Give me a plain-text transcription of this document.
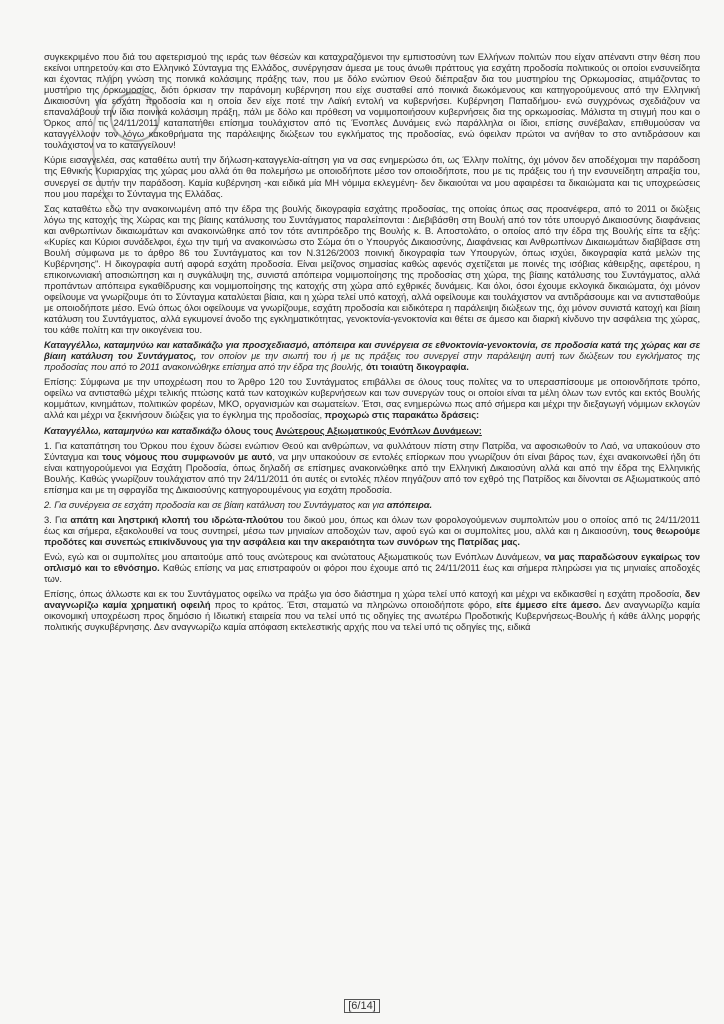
συγκεκριμένο που διά του αφετερισμού της ιεράς των θέσεών και καταχραζόμενοι την εμπιστοσύνη των Ελλήνων πολιτών που είχαν απέναντι στην θέση που εκείνοι υπηρετούν και στο Ελληνικό Σύνταγμα της Ελλάδος, συνέργησαν άμεσα με τους άνωθι πράττους για εσχάτη προδοσία πολιτικούς οι οποίοι ενσυνείδητα και έχοντας πλήρη γνώση της ποινικά κολάσιμης πράξης των, που με δόλο ενώπιον Θεού διέπραξαν δια του μυστηρίου της Ορκωμοσίας, ατιμάζοντας το μυστήριο της ορκωμοσίας, διότι όρκισαν την παράνομη κυβέρνηση που είχε συσταθεί από ποινικά διωκόμενους και κατηγορούμενους από την Ελληνική Δικαιοσύνη για εσχάτη προδοσία και η οποία δεν είχε ποτέ την Λαϊκή εντολή να κυβερνήσει. Κυβέρνηση Παπαδήμου- ενώ συγχρόνως σχεδιάζουν να επαναλάβουν την ίδια ποινικά κολάσιμη πράξη, πάλι με δόλο και πρόθεση να νομιμοποιήσουν κυβερνήσεις δια της ορκωμοσίας. Μάλιστα τη στιγμή που και ο Όρκος από τις 24/11/2011 καταπατήθει επίσημα τουλάχιστον από τις Ένοπλες Δυνάμεις ενώ παράλληλα οι ίδιοι, επίσης συνέβαλαν, επιθυμούσαν να καταγγέλλουν τον λόγω κακοθρήματα της παράλειψης διώξεων του εγκλήματος της προδοσίας, ενώ όφειλαν πρώτοι να ανήθαν το στο αντιδράσουν και τουλάχιστον να το καταγγείλουν!

Κύριε εισαγγελέα, σας καταθέτω αυτή την δήλωση-καταγγελία-αίτηση για να σας ενημερώσω ότι, ως Έλλην πολίτης, όχι μόνον δεν αποδέχομαι την παράδοση της Εθνικής Κυριαρχίας της χώρας μου αλλά ότι θα πολεμήσω με οποιοδήποτε μέσο τον οποιοδήποτε, που με τις πράξεις του ή την ενσυνείδητη απραξία του, συνεργεί σε αυτήν την παράδοση. Καμία κυβέρνηση -και ειδικά μία ΜΗ νόμιμα εκλεγμένη- δεν δικαιούται να μου αφαιρέσει τα δικαιώματα και τις υποχρεώσεις που μου παρέχει το Σύνταγμα της Ελλάδας.

Σας καταθέτω εδώ την ανακοινωμένη από την έδρα της βουλής δικογραφία εσχάτης προδοσίας, της οποίας όπως σας προανέφερα, από το 2011 οι διώξεις λόγω της κατοχής της Χώρας και της βίαιης κατάλυσης του Συντάγματος παραλείπονται : Διεβιβάσθη στη Βουλή από τον τότε υπουργό Δικαιοσύνης διαφάνειας και ανθρωπίνων δικαιωμάτων και ανακοινώθηκε από τον τότε αντιπρόεδρο της Βουλής κ. Β. Αποστολάτο, ο οποίος από την έδρα της Βουλής είπε τα εξής: «Κυρίες και Κύριοι συνάδελφοι, έχω την τιμή να ανακοινώσω στο Σώμα ότι ο Υπουργός Δικαιοσύνης, Διαφάνειας και Ανθρωπίνων Δικαιωμάτων διαβίβασε στη Βουλή σύμφωνα με το άρθρο 86 του Συντάγματος και τον Ν.3126/2003 ποινική δικογραφία των Υπουργών, όπως ισχύει, δικογραφία κατά μελών της Κυβέρνησης". Η δικογραφία αυτή αφορά εσχάτη προδοσία. Είναι μείζονος σημασίας καθώς αφενός σχετίζεται με ποινές της ισόβιας κάθειρξης, αφετέρου, η επικοινωνιακή αποσιώπηση και η συγκάλυψη της, συνιστά απόπειρα νομιμοποίησης της προδοσίας στη χώρα, της βίαιης κατάλυσης του Συντάγματος, αλλά προπάντων απόπειρα εγκαθίδρυσης και νομιμοποίησης της κατοχής στη χώρα από εχθρικές δυνάμεις. Και όλοι, όσοι έχουμε εκλογικά δικαιώματα, όχι μόνον οφείλουμε να γνωρίζουμε ότι το Σύνταγμα καταλύεται βίαια, και η χώρα τελεί υπό κατοχή, αλλά οφείλουμε και τουλάχιστον να αντιδράσουμε και να αντισταθούμε με οποιοδήποτε μέσο. Ενώ όπως όλοι οφείλουμε να γνωρίζουμε, εσχάτη προδοσία και ειδικότερα η παράλειψη διώξεων της, όχι μόνον συνιστά κατοχή και βίαιη κατάλυση του Συντάγματος, αλλά εγκυμονεί άνοδο της εγκληματικότητας, γενοκτονία-γενοκτονία και θέτει σε άμεσο και διαρκή κίνδυνο την ασφάλεια της χώρας, του κάθε πολίτη και την οικογένεια του.

Καταγγέλλω, καταμηνύω και καταδικάζω για προσχεδιασμό, απόπειρα και συνέργεια σε εθνοκτονία-γενοκτονία, σε προδοσία κατά της χώρας και σε βίαιη κατάλυση του Συντάγματος, τον οποίον με την σιωπή του ή με τις πράξεις του συνεργεί στην παράλειψη αυτή των διώξεων του εγκλήματος της προδοσίας που από το 2011 ανακοινώθηκε επίσημα από την έδρα της βουλής, ότι τοιαύτη δικογραφία.

Επίσης: Σύμφωνα με την υποχρέωση που το Άρθρο 120 του Συντάγματος επιβάλλει σε όλους τους πολίτες να το υπερασπίσουμε με οποιονδήποτε τρόπο, οφείλω να αντισταθώ μέχρι τελικής πτώσης κατά των κατοχικών κυβερνήσεων και των συνεργών τους οι οποίοι είναι τα μέλη όλων των εντός και εκτός Βουλής κομμάτων, κινημάτων, πολιτικών φορέων, ΜΚΟ, οργανισμών και σωματείων. Έτσι, σας ενημερώνω πως από σήμερα και μέχρι την διεξαγωγή νόμιμων εκλογών αλλά και μέχρι να ξεκινήσουν διώξεις για το έγκλημα της προδοσίας, προχωρώ στις παρακάτω δράσεις:

Καταγγέλλω, καταμηνύω και καταδικάζω όλους τους Ανώτερους Αξιωματικούς Ενόπλων Δυνάμεων:

1. Για καταπάτηση του Όρκου που έχουν δώσει ενώπιον Θεού και ανθρώπων, να φυλλάτουν πίστη στην Πατρίδα, να αφοσιωθούν το Λαό, να υπακούουν στο Σύνταγμα και τους νόμους που συμφωνούν με αυτό, να μην υπακούουν σε εντολές επίορκων που γνωρίζουν ότι είναι βάρος των, έχει ανακοινωθεί ήδη ότι είναι κατηγορούμενοι για Εσχάτη Προδοσία, όπως δηλαδή σε επίσημες ανακοινώθηκε από την Ελληνική Δικαιοσύνη αλλά και από την έδρα της Ελληνικής Βουλής. Καθώς γνωρίζουν τουλάχιστον από την 24/11/2011 ότι αυτές οι εντολές πλέον πηγάζουν από τον εχθρό της Πατρίδος και δίνονται σε Αξιωματικούς από επίσημα και με τη σφραγίδα της Δικαιοσύνης κατηγορουμένους για εσχάτη προδοσία.

2. Για συνέργεια σε εσχάτη προδοσία και σε βίαιη κατάλυση του Συντάγματος και για απόπειρα.

3. Για απάτη και ληστρική κλοπή του ιδρώτα-πλούτου του δικού μου, όπως και όλων των φορολογούμενων συμπολιτών μου ο οποίος από τις 24/11/2011 έως και σήμερα, εξακολουθεί να τους συντηρεί, μέσω των μηνιαίων αποδοχών των, αφού εγώ και οι συμπολίτες μου, αλλά και η Δικαιοσύνη, τους θεωρούμε προδότες και συνεπώς επικίνδυνους για την ασφάλεια και την ακεραιότητα των συνόρων της Πατρίδας μας.

Ενώ, εγώ και οι συμπολίτες μου απαιτούμε από τους ανώτερους και ανώτατους Αξιωματικούς των Ενόπλων Δυνάμεων, να μας παραδώσουν εγκαίρως τον οπλισμό και το εθνόσημο. Καθώς επίσης να μας επιστραφούν οι φόροι που έχουμε από τις 24/11/2011 έως και σήμερα πληρώσει για τις μηνιαίες αποδοχές των.

Επίσης, όπως άλλωστε και εκ του Συντάγματος οφείλω να πράξω για όσο διάστημα η χώρα τελεί υπό κατοχή και μέχρι να εκδικασθεί η εσχάτη προδοσία, δεν αναγνωρίζω καμία χρηματική οφειλή προς το κράτος. Έτσι, σταματώ να πληρώνω οποιοδήποτε φόρο, είτε έμμεσο είτε άμεσο. Δεν αναγνωρίζω καμία οικονομική υποχρέωση προς δημόσιο ή Ιδιωτική εταιρεία που να τελεί υπό τις οδηγίες της ανωτέρω Προδοτικής Κυβερνήσεως-Βουλής ή κάθε άλλης μορφής πολιτικής συγκυβέρνησης. Δεν αναγνωρίζω καμία απόφαση εκτελεστικής αρχής που να τελεί υπό τις οδηγίες της, ειδικά

[6/14]
